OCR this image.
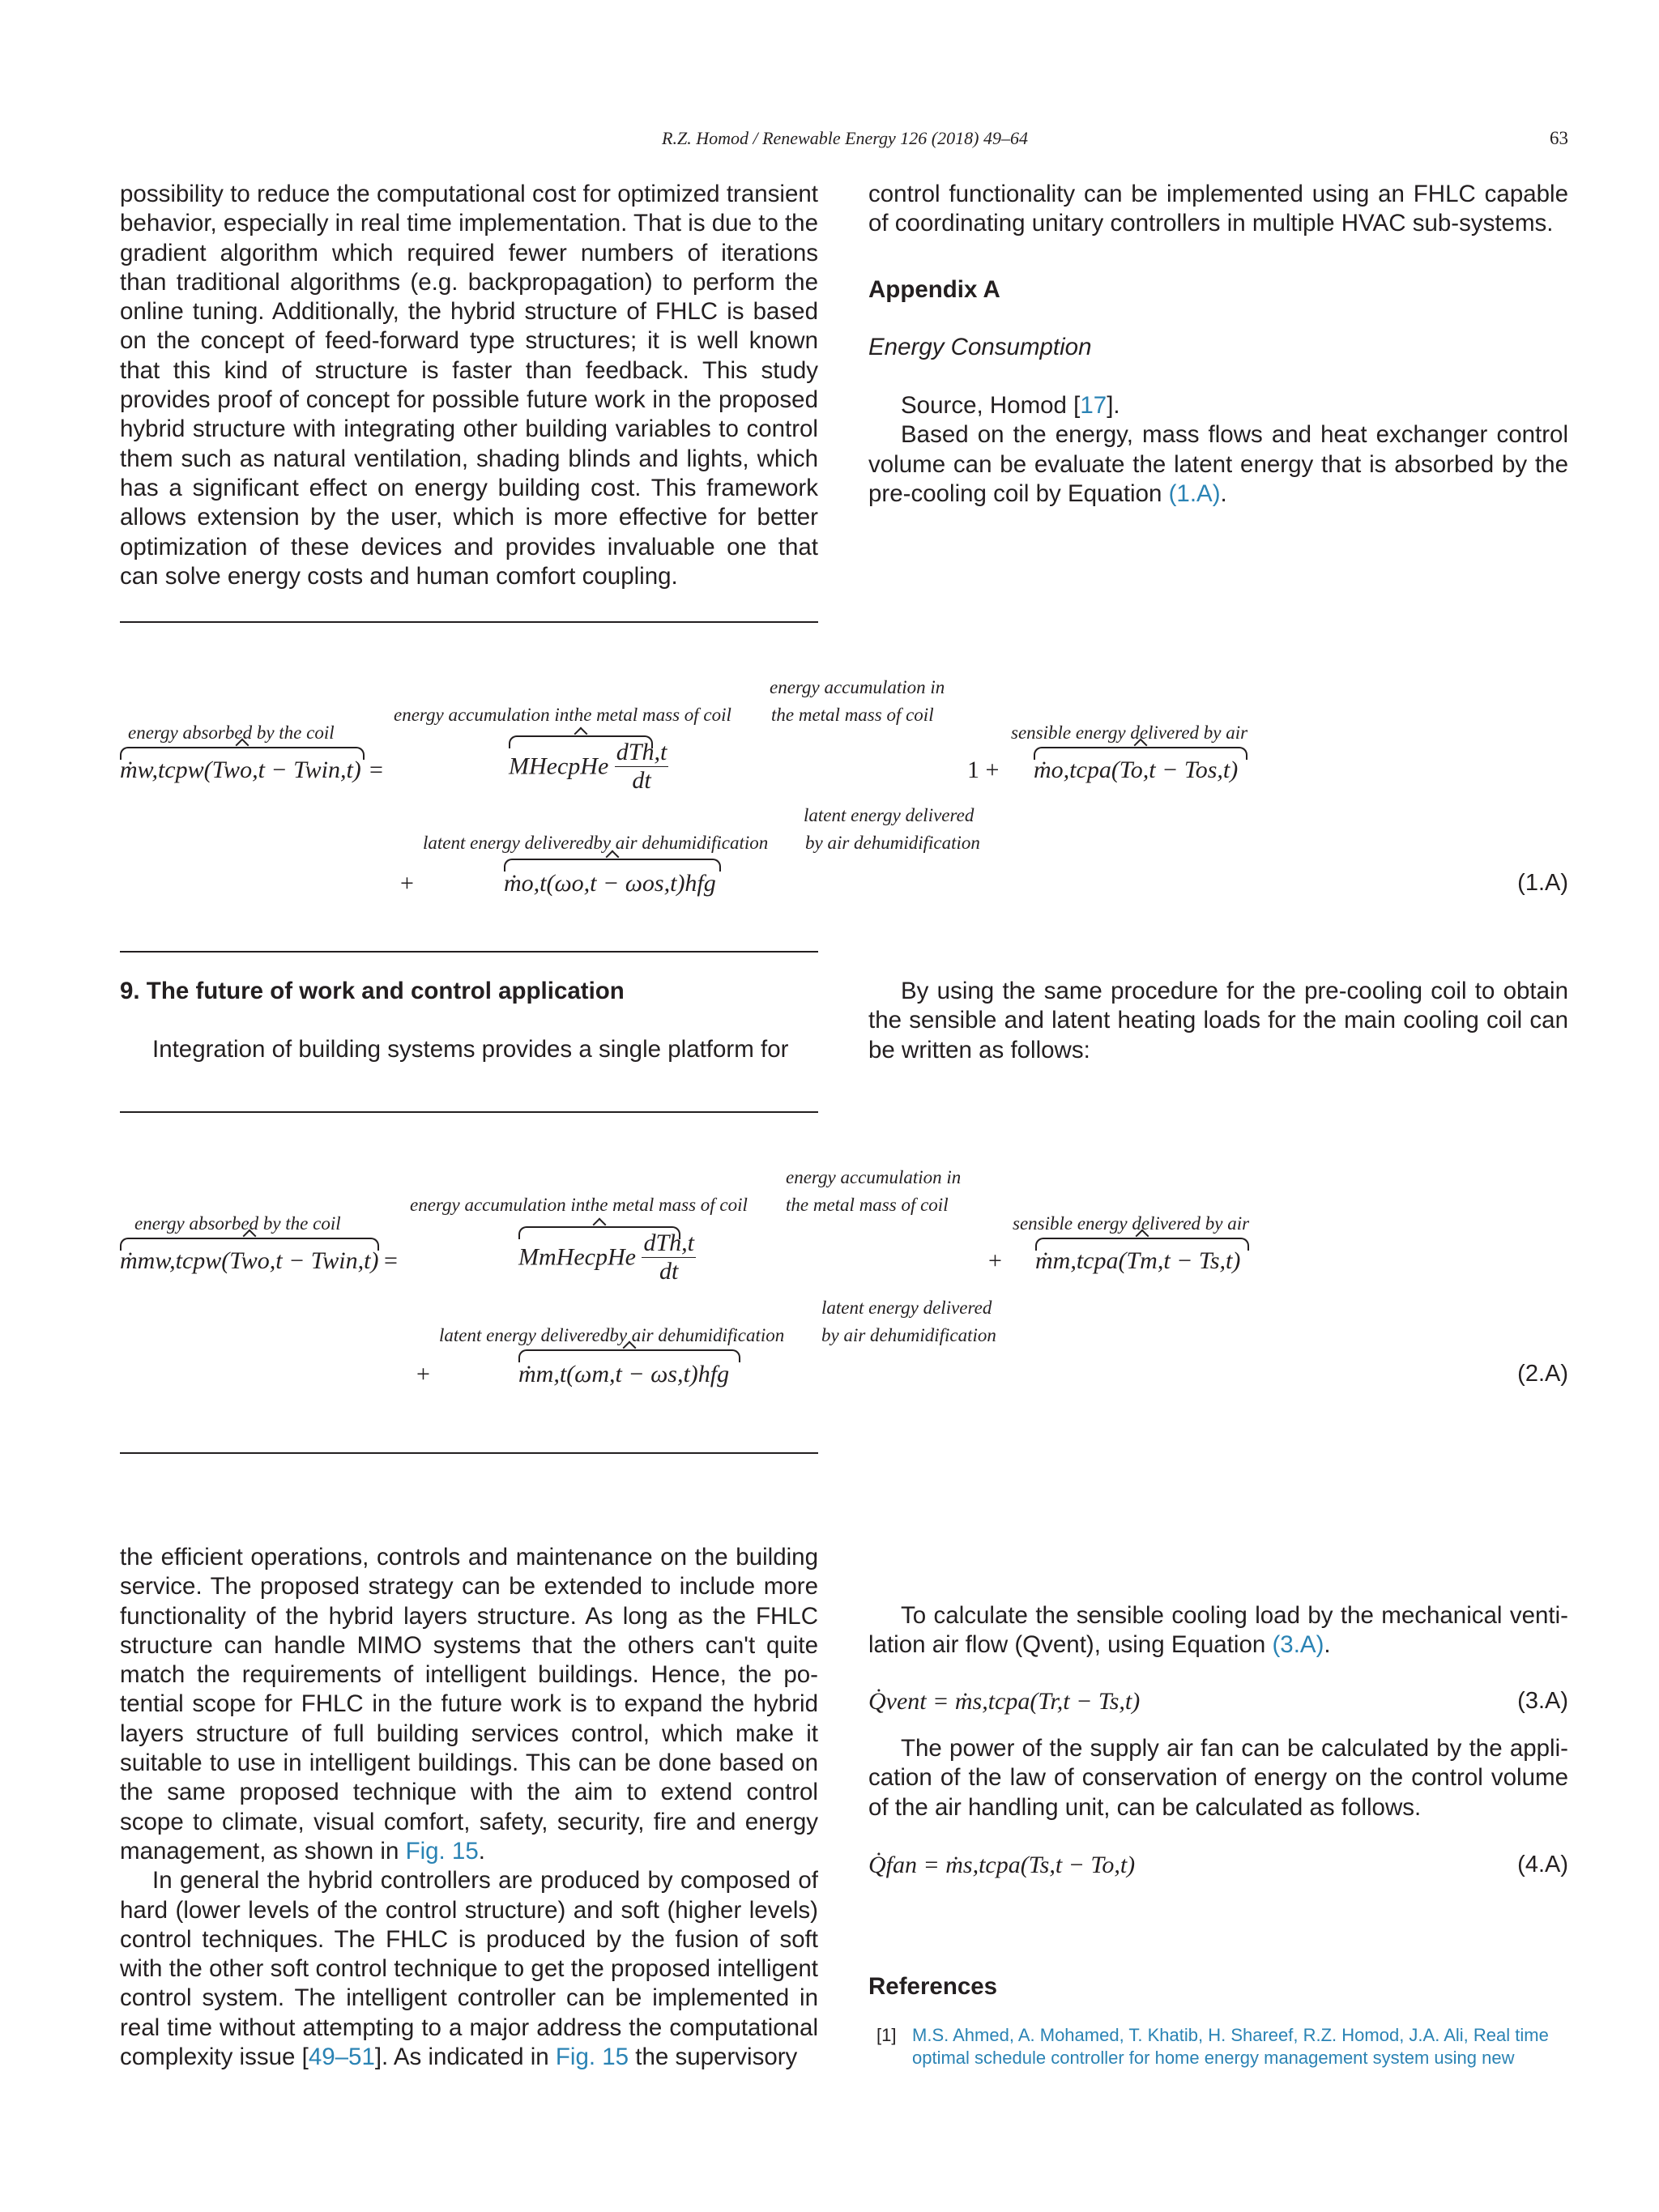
R.Z. Homod / Renewable Energy 126 (2018) 49–64	63

possibility to reduce the computational cost for optimized transient behavior, especially in real time implementation. That is due to the gradient algorithm which required fewer numbers of iterations than traditional algorithms (e.g. backpropagation) to perform the online tuning. Additionally, the hybrid structure of FHLC is based on the concept of feed-forward type structures; it is well known that this kind of structure is faster than feedback. This study provides proof of concept for possible future work in the proposed hybrid structure with integrating other building variables to control them such as natural ventilation, shading blinds and lights, which has a significant effect on energy building cost. This framework allows extension by the user, which is more effective for better optimization of these devices and provides invaluable one that can solve energy costs and human comfort coupling.

control functionality can be implemented using an FHLC capable of coordinating unitary controllers in multiple HVAC sub-systems.

Appendix A

Energy Consumption

Source, Homod [17].

Based on the energy, mass flows and heat exchanger control volume can be evaluate the latent energy that is absorbed by the pre-cooling coil by Equation (1.A).

energy accumulation in
energy accumulation inthe metal mass of coil the metal mass of coil
energy absorbed by the coil	sensible energy delivered by air
ṁw,tcpw(Two,t − Twin,t) =	MHecpHe $\frac{\text{dTh,t}}{dt}$	1 + ṁo,tcpa(To,t − Tos,t)
latent energy delivered
latent energy deliveredby air dehumidification by air dehumidification
+	ṁo,t(ωo,t − ωos,t)hfg	(1.A)

9. The future of work and control application

Integration of building systems provides a single platform for

By using the same procedure for the pre-cooling coil to obtain the sensible and latent heating loads for the main cooling coil can be written as follows:

energy accumulation in
energy accumulation inthe metal mass of coil the metal mass of coil
energy absorbed by the coil	sensible energy delivered by air
ṁmw,tcpw(Two,t − Twin,t) =	MmHecpHe $\frac{\text{dTh,t}}{dt}$	+ ṁm,tcpa(Tm,t − Ts,t)
latent energy delivered
latent energy deliveredby air dehumidification by air dehumidification
+	ṁm,t(ωm,t − ωs,t)hfg	(2.A)

the efficient operations, controls and maintenance on the building service. The proposed strategy can be extended to include more functionality of the hybrid layers structure. As long as the FHLC structure can handle MIMO systems that the others can't quite match the requirements of intelligent buildings. Hence, the potential scope for FHLC in the future work is to expand the hybrid layers structure of full building services control, which make it suitable to use in intelligent buildings. This can be done based on the same proposed technique with the aim to extend control scope to climate, visual comfort, safety, security, fire and energy management, as shown in Fig. 15.

In general the hybrid controllers are produced by composed of hard (lower levels of the control structure) and soft (higher levels) control techniques. The FHLC is produced by the fusion of soft with the other soft control technique to get the proposed intelligent control system. The intelligent controller can be implemented in real time without attempting to a major address the computational complexity issue [49–51]. As indicated in Fig. 15 the supervisory

To calculate the sensible cooling load by the mechanical ventilation air flow (Qvent), using Equation (3.A).

Q̇vent = ṁs,tcpa(Tr,t − Ts,t)	(3.A)

The power of the supply air fan can be calculated by the application of the law of conservation of energy on the control volume of the air handling unit, can be calculated as follows.

Q̇fan = ṁs,tcpa(Ts,t − To,t)	(4.A)

References

[1] M.S. Ahmed, A. Mohamed, T. Khatib, H. Shareef, R.Z. Homod, J.A. Ali, Real time optimal schedule controller for home energy management system using new
